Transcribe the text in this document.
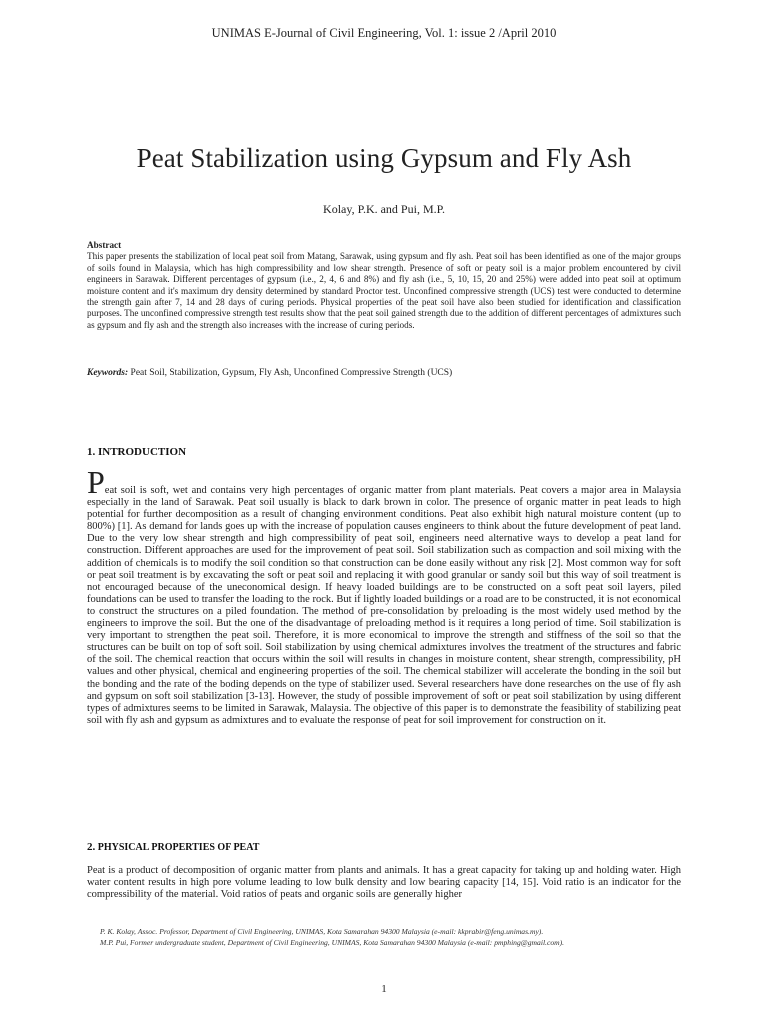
UNIMAS E-Journal of Civil Engineering, Vol. 1: issue 2 /April 2010
Peat Stabilization using Gypsum and Fly Ash
Kolay, P.K. and Pui, M.P.
Abstract
This paper presents the stabilization of local peat soil from Matang, Sarawak, using gypsum and fly ash. Peat soil has been identified as one of the major groups of soils found in Malaysia, which has high compressibility and low shear strength. Presence of soft or peaty soil is a major problem encountered by civil engineers in Sarawak. Different percentages of gypsum (i.e., 2, 4, 6 and 8%) and fly ash (i.e., 5, 10, 15, 20 and 25%) were added into peat soil at optimum moisture content and it's maximum dry density determined by standard Proctor test. Unconfined compressive strength (UCS) test were conducted to determine the strength gain after 7, 14 and 28 days of curing periods. Physical properties of the peat soil have also been studied for identification and classification purposes. The unconfined compressive strength test results show that the peat soil gained strength due to the addition of different percentages of admixtures such as gypsum and fly ash and the strength also increases with the increase of curing periods.
Keywords: Peat Soil, Stabilization, Gypsum, Fly Ash, Unconfined Compressive Strength (UCS)
1. INTRODUCTION
Peat soil is soft, wet and contains very high percentages of organic matter from plant materials. Peat covers a major area in Malaysia especially in the land of Sarawak. Peat soil usually is black to dark brown in color. The presence of organic matter in peat leads to high potential for further decomposition as a result of changing environment conditions. Peat also exhibit high natural moisture content (up to 800%) [1]. As demand for lands goes up with the increase of population causes engineers to think about the future development of peat land. Due to the very low shear strength and high compressibility of peat soil, engineers need alternative ways to develop a peat land for construction. Different approaches are used for the improvement of peat soil. Soil stabilization such as compaction and soil mixing with the addition of chemicals is to modify the soil condition so that construction can be done easily without any risk [2]. Most common way for soft or peat soil treatment is by excavating the soft or peat soil and replacing it with good granular or sandy soil but this way of soil treatment is not encouraged because of the uneconomical design. If heavy loaded buildings are to be constructed on a soft peat soil layers, piled foundations can be used to transfer the loading to the rock. But if lightly loaded buildings or a road are to be constructed, it is not economical to construct the structures on a piled foundation. The method of pre-consolidation by preloading is the most widely used method by the engineers to improve the soil. But the one of the disadvantage of preloading method is it requires a long period of time. Soil stabilization is very important to strengthen the peat soil. Therefore, it is more economical to improve the strength and stiffness of the soil so that the structures can be built on top of soft soil. Soil stabilization by using chemical admixtures involves the treatment of the structures and fabric of the soil. The chemical reaction that occurs within the soil will results in changes in moisture content, shear strength, compressibility, pH values and other physical, chemical and engineering properties of the soil. The chemical stabilizer will accelerate the bonding in the soil but the bonding and the rate of the boding depends on the type of stabilizer used. Several researchers have done researches on the use of fly ash and gypsum on soft soil stabilization [3-13]. However, the study of possible improvement of soft or peat soil stabilization by using different types of admixtures seems to be limited in Sarawak, Malaysia. The objective of this paper is to demonstrate the feasibility of stabilizing peat soil with fly ash and gypsum as admixtures and to evaluate the response of peat for soil improvement for construction on it.
2. PHYSICAL PROPERTIES OF PEAT
Peat is a product of decomposition of organic matter from plants and animals. It has a great capacity for taking up and holding water. High water content results in high pore volume leading to low bulk density and low bearing capacity [14, 15]. Void ratio is an indicator for the compressibility of the material. Void ratios of peats and organic soils are generally higher
P. K. Kolay, Assoc. Professor, Department of Civil Engineering, UNIMAS, Kota Samarahan 94300 Malaysia (e-mail: kkprabir@feng.unimas.my).
M.P. Pui, Former undergraduate student, Department of Civil Engineering, UNIMAS, Kota Samarahan 94300 Malaysia (e-mail: pmphing@gmail.com).
1
